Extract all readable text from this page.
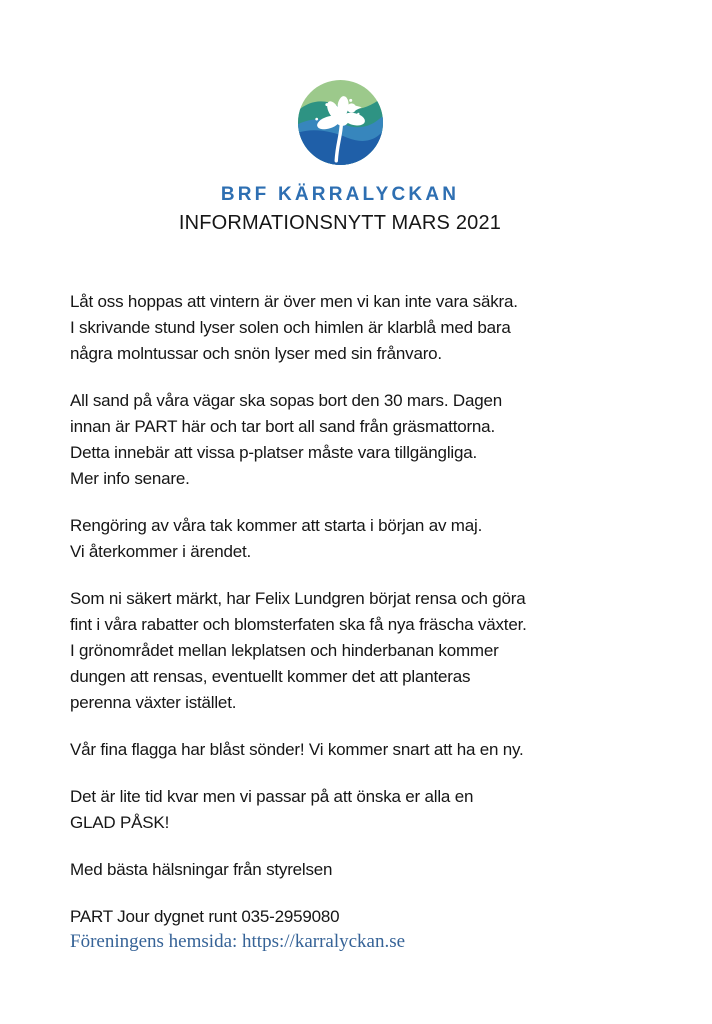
BRF KÄRRALYCKAN
INFORMATIONSNYTT MARS 2021
Låt oss hoppas att vintern är över men vi kan inte vara säkra.
I skrivande stund lyser solen och himlen är klarblå med bara
några molntussar och snön lyser med sin frånvaro.
All sand på våra vägar ska sopas bort den 30 mars. Dagen
innan är PART här och tar bort all sand från gräsmattorna.
Detta innebär att vissa p-platser måste vara tillgängliga.
Mer info senare.
Rengöring av våra tak kommer att starta i början av maj.
Vi återkommer i ärendet.
Som ni säkert märkt, har Felix Lundgren börjat rensa och göra
fint i våra rabatter och blomsterfaten ska få nya fräscha växter.
I grönområdet mellan lekplatsen och hinderbanan kommer
dungen att rensas, eventuellt kommer det att planteras
perenna växter istället.
Vår fina flagga har blåst sönder! Vi kommer snart att ha en ny.
Det är lite tid kvar men vi passar på att önska er alla en
GLAD PÅSK!
Med bästa hälsningar från styrelsen
PART Jour dygnet runt 035-2959080
Föreningens hemsida: https://karralyckan.se
